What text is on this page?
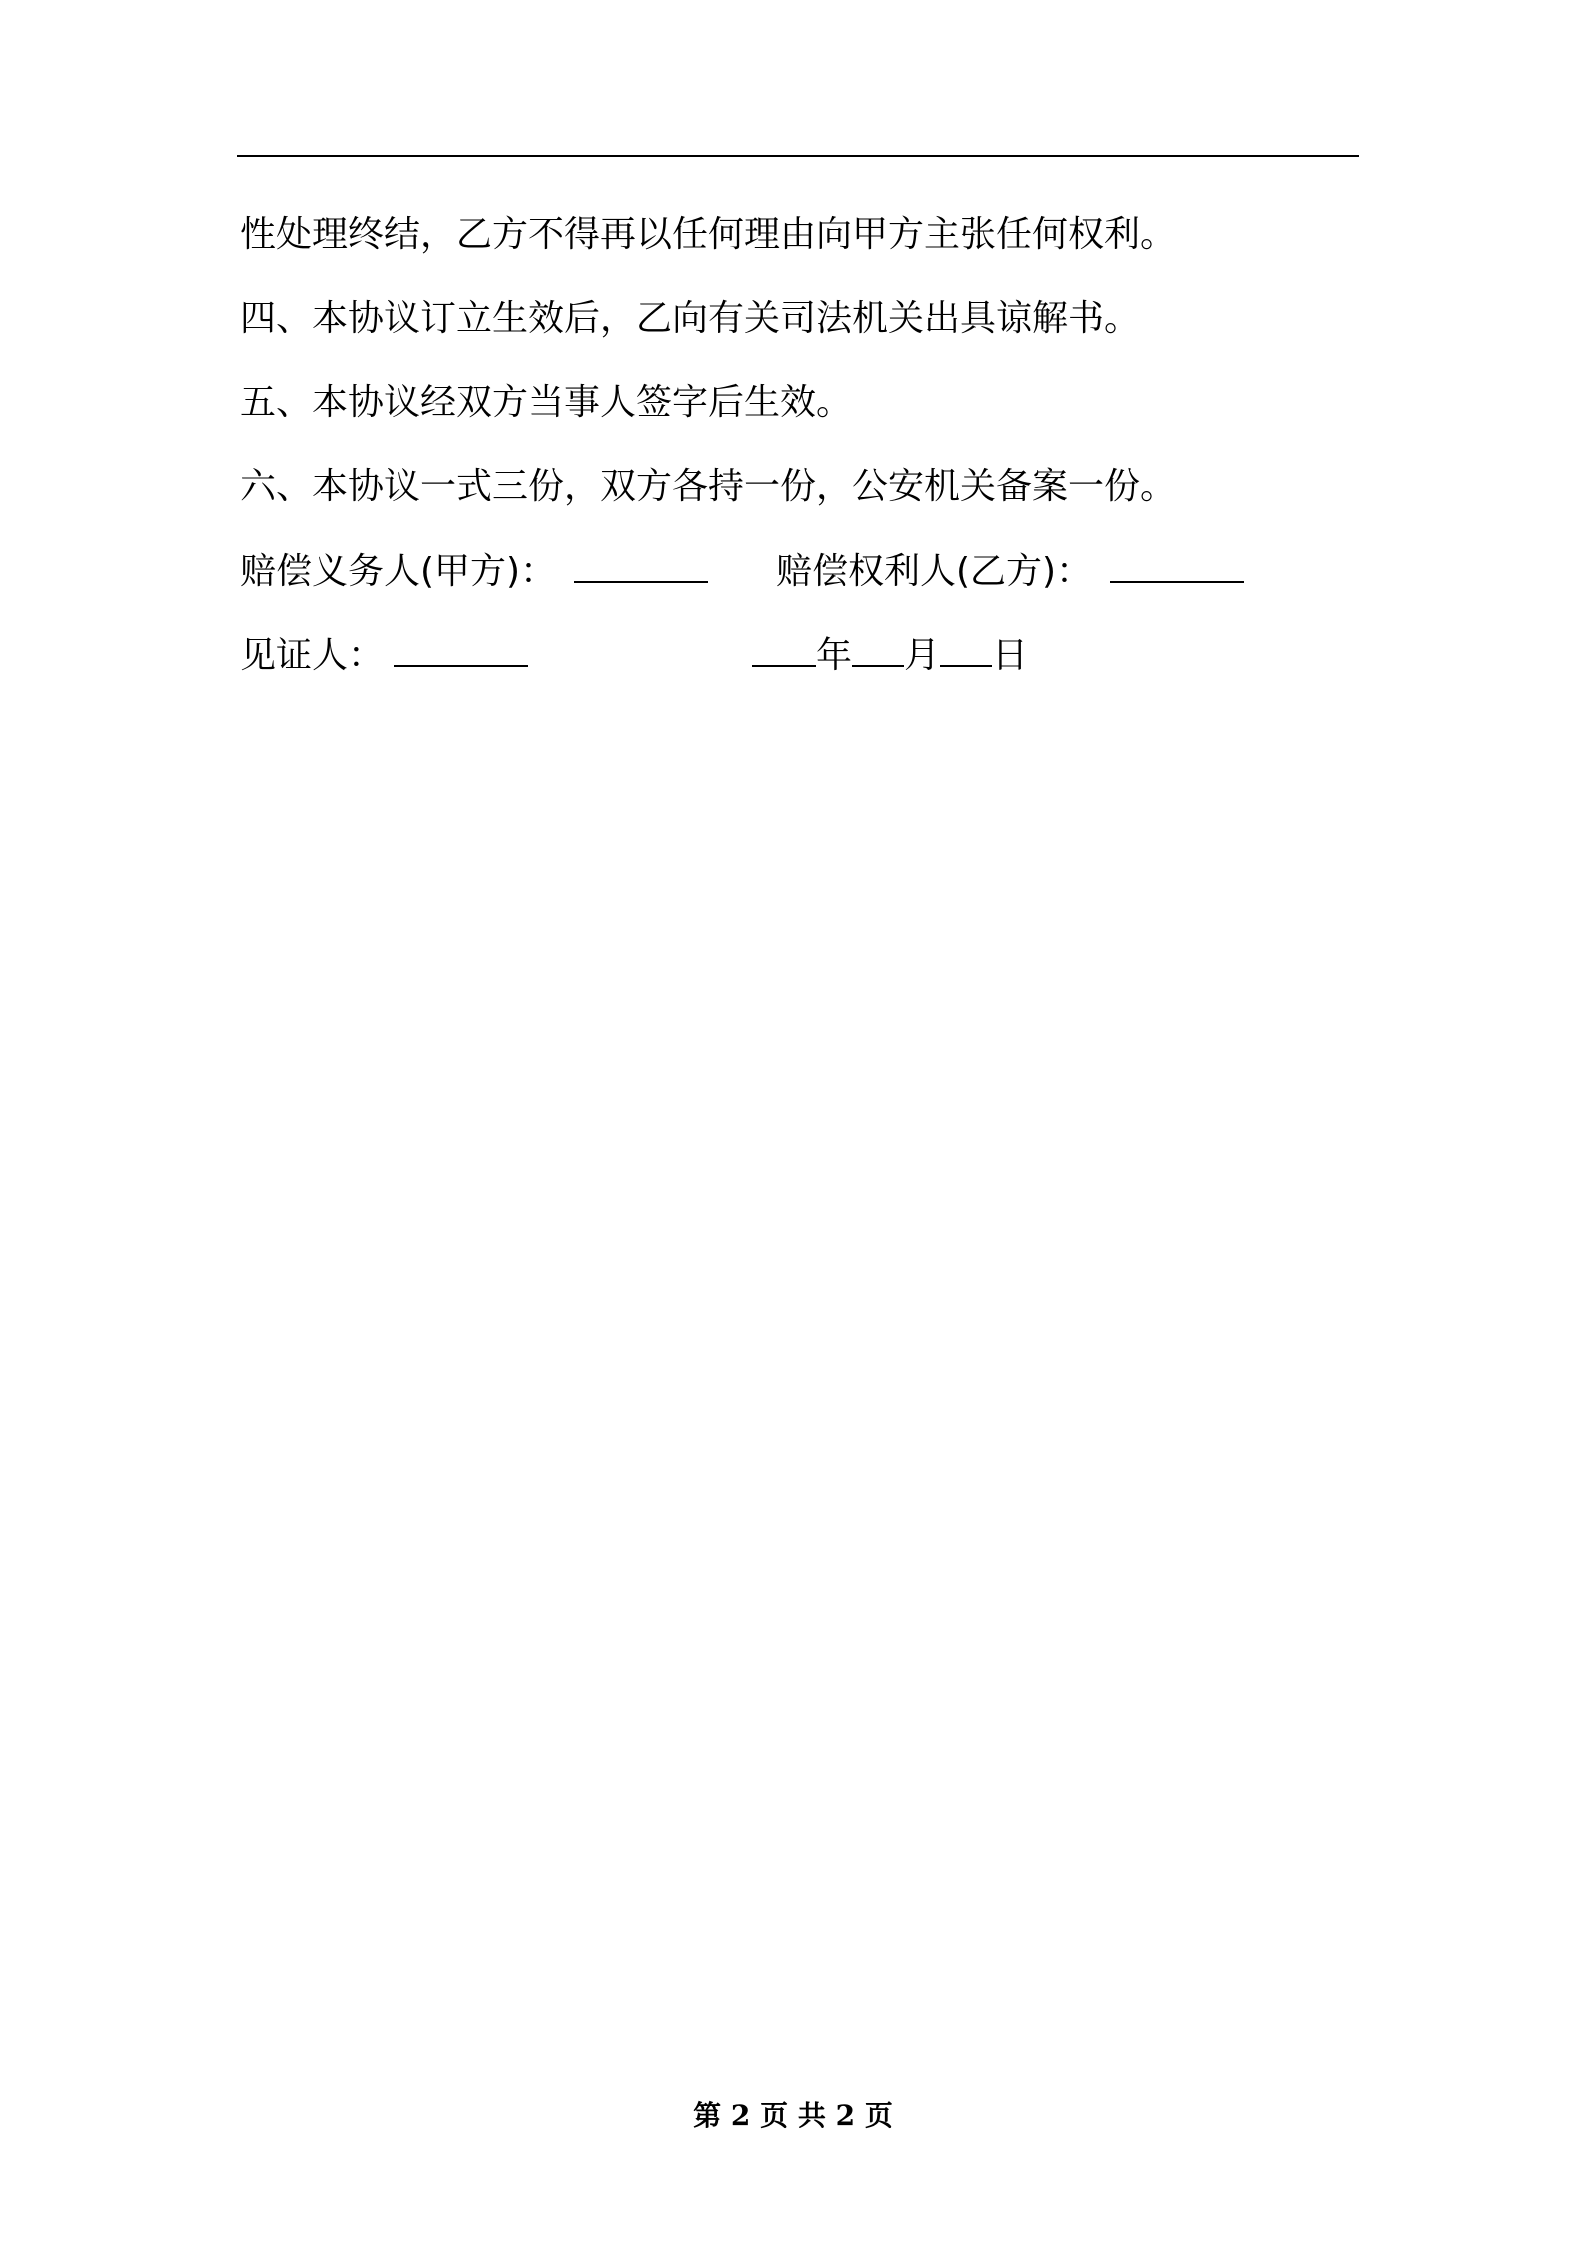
性处理终结，乙方不得再以任何理由向甲方主张任何权利。
四、本协议订立生效后，乙向有关司法机关出具谅解书。
五、本协议经双方当事人签字后生效。
六、本协议一式三份，双方各持一份，公安机关备案一份。
赔偿义务人(甲方)：	赔偿权利人(乙方)：
见证人：	年 月 日
第 2 页 共 2 页
